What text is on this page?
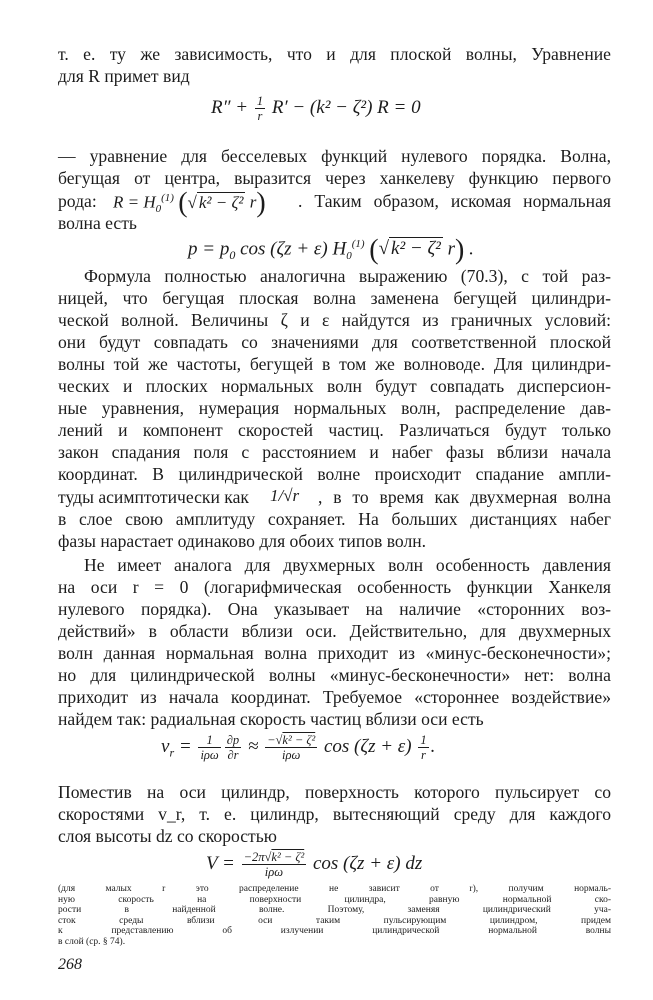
т. е. ту же зависимость, что и для плоской волны, Уравнение
для R примет вид
$R'' + \frac{1}{r} R' - (k^2 - \zeta^2) R = 0$
— уравнение для бесселевых функций нулевого порядка. Волна,
бегущая от центра, выразится через ханкелеву функцию первого
рода: $R = H_0^{(1)}$ (√ k² − ζ² r) . Таким образом, искомая нормальная
волна есть
$p = p_0$ cos (ζz + ε) $H_0^{(1)}$ (√ k² − ζ² r) .
Формула полностью аналогична выражению (70.3), с той раз-
ницей, что бегущая плоская волна заменена бегущей цилиндри-
ческой волной. Величины ζ и ε найдутся из граничных условий:
они будут совпадать со значениями для соответственной плоской
волны той же частоты, бегущей в том же волноводе. Для цилиндри-
ческих и плоских нормальных волн будут совпадать дисперсион-
ные уравнения, нумерация нормальных волн, распределение дав-
лений и компонент скоростей частиц. Различаться будут только
закон спадания поля с расстоянием и набег фазы вблизи начала
координат. В цилиндрической волне происходит спадание ампли-
туды асимптотически как	1/√r , в то время как двухмерная волна
в слое свою амплитуду сохраняет. На больших дистанциях набег
фазы нарастает одинаково для обоих типов волн.
Не имеет аналога для двухмерных волн особенность давления
на оси r = 0 (логарифмическая особенность функции Ханкеля
нулевого порядка). Она указывает на наличие «сторонних воз-
действий» в области вблизи оси. Действительно, для двухмерных
волн данная нормальная волна приходит из «минус-бесконечности»;
но для цилиндрической волны «минус-бесконечности» нет: волна
приходит из начала координат. Требуемое «стороннее воздействие»
найдем так: радиальная скорость частиц вблизи оси есть
$v_r = \frac{1}{\text{iρω}} \frac{\partial p}{\partial r} \approx \frac{\text{−√k² − ζ²}}{\text{iρω}}$ $\cos (\zeta z + \varepsilon) \frac{1}{r}$ .
Поместив на оси цилиндр, поверхность которого пульсирует со
скоростями v_r, т. е. цилиндр, вытесняющий среду для каждого
слоя высоты dz со скоростью
$V = \frac{\text{−2π√k² − ζ²}}{\text{iρω}}$ cos (ζz + ε) dz
268
(для малых r это распределение не зависит от r), получим нормаль-
ную скорость на поверхности цилиндра, равную нормальной ско-
рости в найденной волне. Поэтому, заменяя цилиндрический уча-
сток среды вблизи оси таким пульсирующим цилиндром, придем
к представлению об излучении цилиндрической нормальной волны
в слой (ср. § 74).
